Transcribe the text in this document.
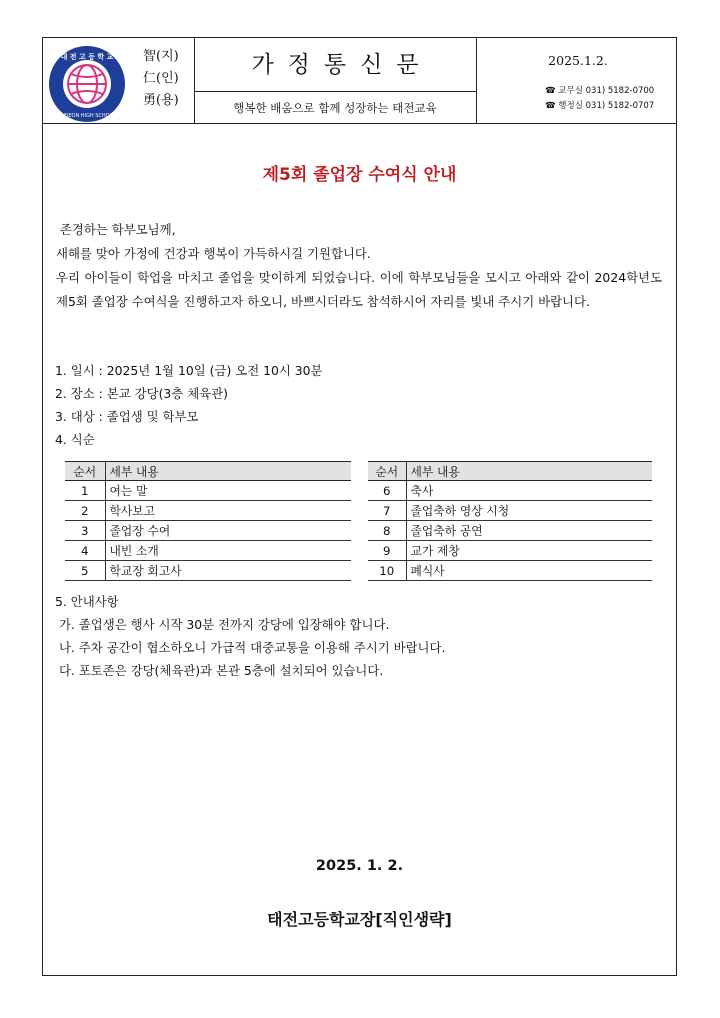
대 전 고 등 학 교
TAEJEON HIGH SCHOOL
智(지)
仁(인)
勇(용)
가정통신문
행복한 배움으로 함께 성장하는 태전교육
2025.1.2.
☎ 교무실 031) 5182-0700
☎ 행정실 031) 5182-0707
제5회 졸업장 수여식 안내

존경하는 학부모님께,

새해를 맞아 가정에 건강과 행복이 가득하시길 기원합니다.

우리 아이들이 학업을 마치고 졸업을 맞이하게 되었습니다. 이에 학부모님들을 모시고 아래와 같이 2024학년도 제5회 졸업장 수여식을 진행하고자 하오니, 바쁘시더라도 참석하시어 자리를 빛내 주시기 바랍니다.

1. 일시 : 2025년 1월 10일 (금) 오전 10시 30분
2. 장소 : 본교 강당(3층 체육관)
3. 대상 : 졸업생 및 학부모
4. 식순
순서	세부 내용
1	여는 말
2	학사보고
3	졸업장 수여
4	내빈 소개
5	학교장 회고사
순서	세부 내용
6	축사
7	졸업축하 영상 시청
8	졸업축하 공연
9	교가 제창
10	폐식사
5. 안내사항
가. 졸업생은 행사 시작 30분 전까지 강당에 입장해야 합니다.
나. 주차 공간이 협소하오니 가급적 대중교통을 이용해 주시기 바랍니다.
다. 포토존은 강당(체육관)과 본관 5층에 설치되어 있습니다.
2025. 1. 2.
태전고등학교장[직인생략]
